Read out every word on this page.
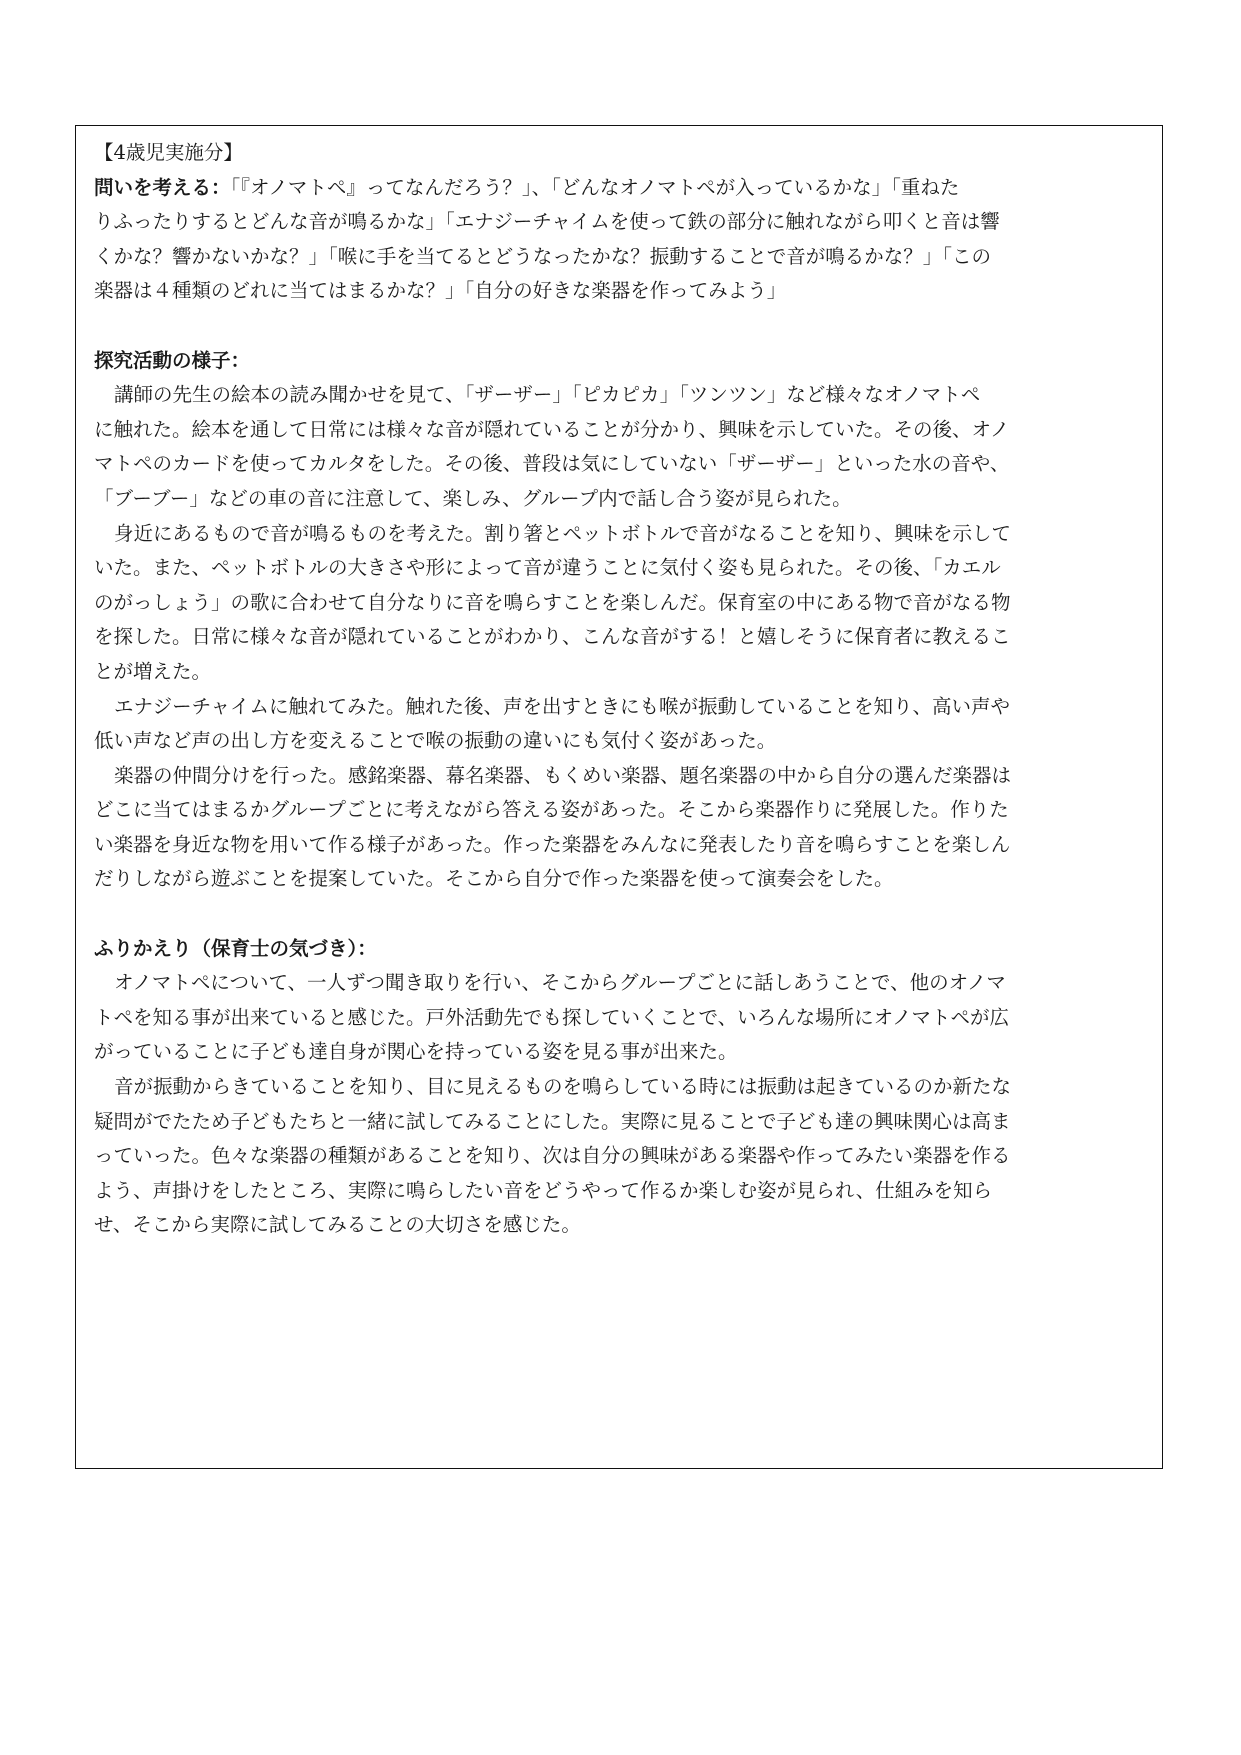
【4歳児実施分】
問いを考える：「『オノマトペ』ってなんだろう？」、「どんなオノマトペが入っているかな」「重ねた
りふったりするとどんな音が鳴るかな」「エナジーチャイムを使って鉄の部分に触れながら叩くと音は響
くかな？響かないかな？」「喉に手を当てるとどうなったかな？振動することで音が鳴るかな？」「この
楽器は４種類のどれに当てはまるかな？」「自分の好きな楽器を作ってみよう」
探究活動の様子：
講師の先生の絵本の読み聞かせを見て、「ザーザー」「ピカピカ」「ツンツン」など様々なオノマトペ
に触れた。絵本を通して日常には様々な音が隠れていることが分かり、興味を示していた。その後、オノ
マトペのカードを使ってカルタをした。その後、普段は気にしていない「ザーザー」といった水の音や、
「ブーブー」などの車の音に注意して、楽しみ、グループ内で話し合う姿が見られた。
身近にあるもので音が鳴るものを考えた。割り箸とペットボトルで音がなることを知り、興味を示して
いた。また、ペットボトルの大きさや形によって音が違うことに気付く姿も見られた。その後、「カエル
のがっしょう」の歌に合わせて自分なりに音を鳴らすことを楽しんだ。保育室の中にある物で音がなる物
を探した。日常に様々な音が隠れていることがわかり、こんな音がする！と嬉しそうに保育者に教えるこ
とが増えた。
エナジーチャイムに触れてみた。触れた後、声を出すときにも喉が振動していることを知り、高い声や
低い声など声の出し方を変えることで喉の振動の違いにも気付く姿があった。
楽器の仲間分けを行った。感銘楽器、幕名楽器、もくめい楽器、題名楽器の中から自分の選んだ楽器は
どこに当てはまるかグループごとに考えながら答える姿があった。そこから楽器作りに発展した。作りた
い楽器を身近な物を用いて作る様子があった。作った楽器をみんなに発表したり音を鳴らすことを楽しん
だりしながら遊ぶことを提案していた。そこから自分で作った楽器を使って演奏会をした。
ふりかえり（保育士の気づき）：
オノマトペについて、一人ずつ聞き取りを行い、そこからグループごとに話しあうことで、他のオノマ
トペを知る事が出来ていると感じた。戸外活動先でも探していくことで、いろんな場所にオノマトペが広
がっていることに子ども達自身が関心を持っている姿を見る事が出来た。
音が振動からきていることを知り、目に見えるものを鳴らしている時には振動は起きているのか新たな
疑問がでたため子どもたちと一緒に試してみることにした。実際に見ることで子ども達の興味関心は高ま
っていった。色々な楽器の種類があることを知り、次は自分の興味がある楽器や作ってみたい楽器を作る
よう、声掛けをしたところ、実際に鳴らしたい音をどうやって作るか楽しむ姿が見られ、仕組みを知ら
せ、そこから実際に試してみることの大切さを感じた。
